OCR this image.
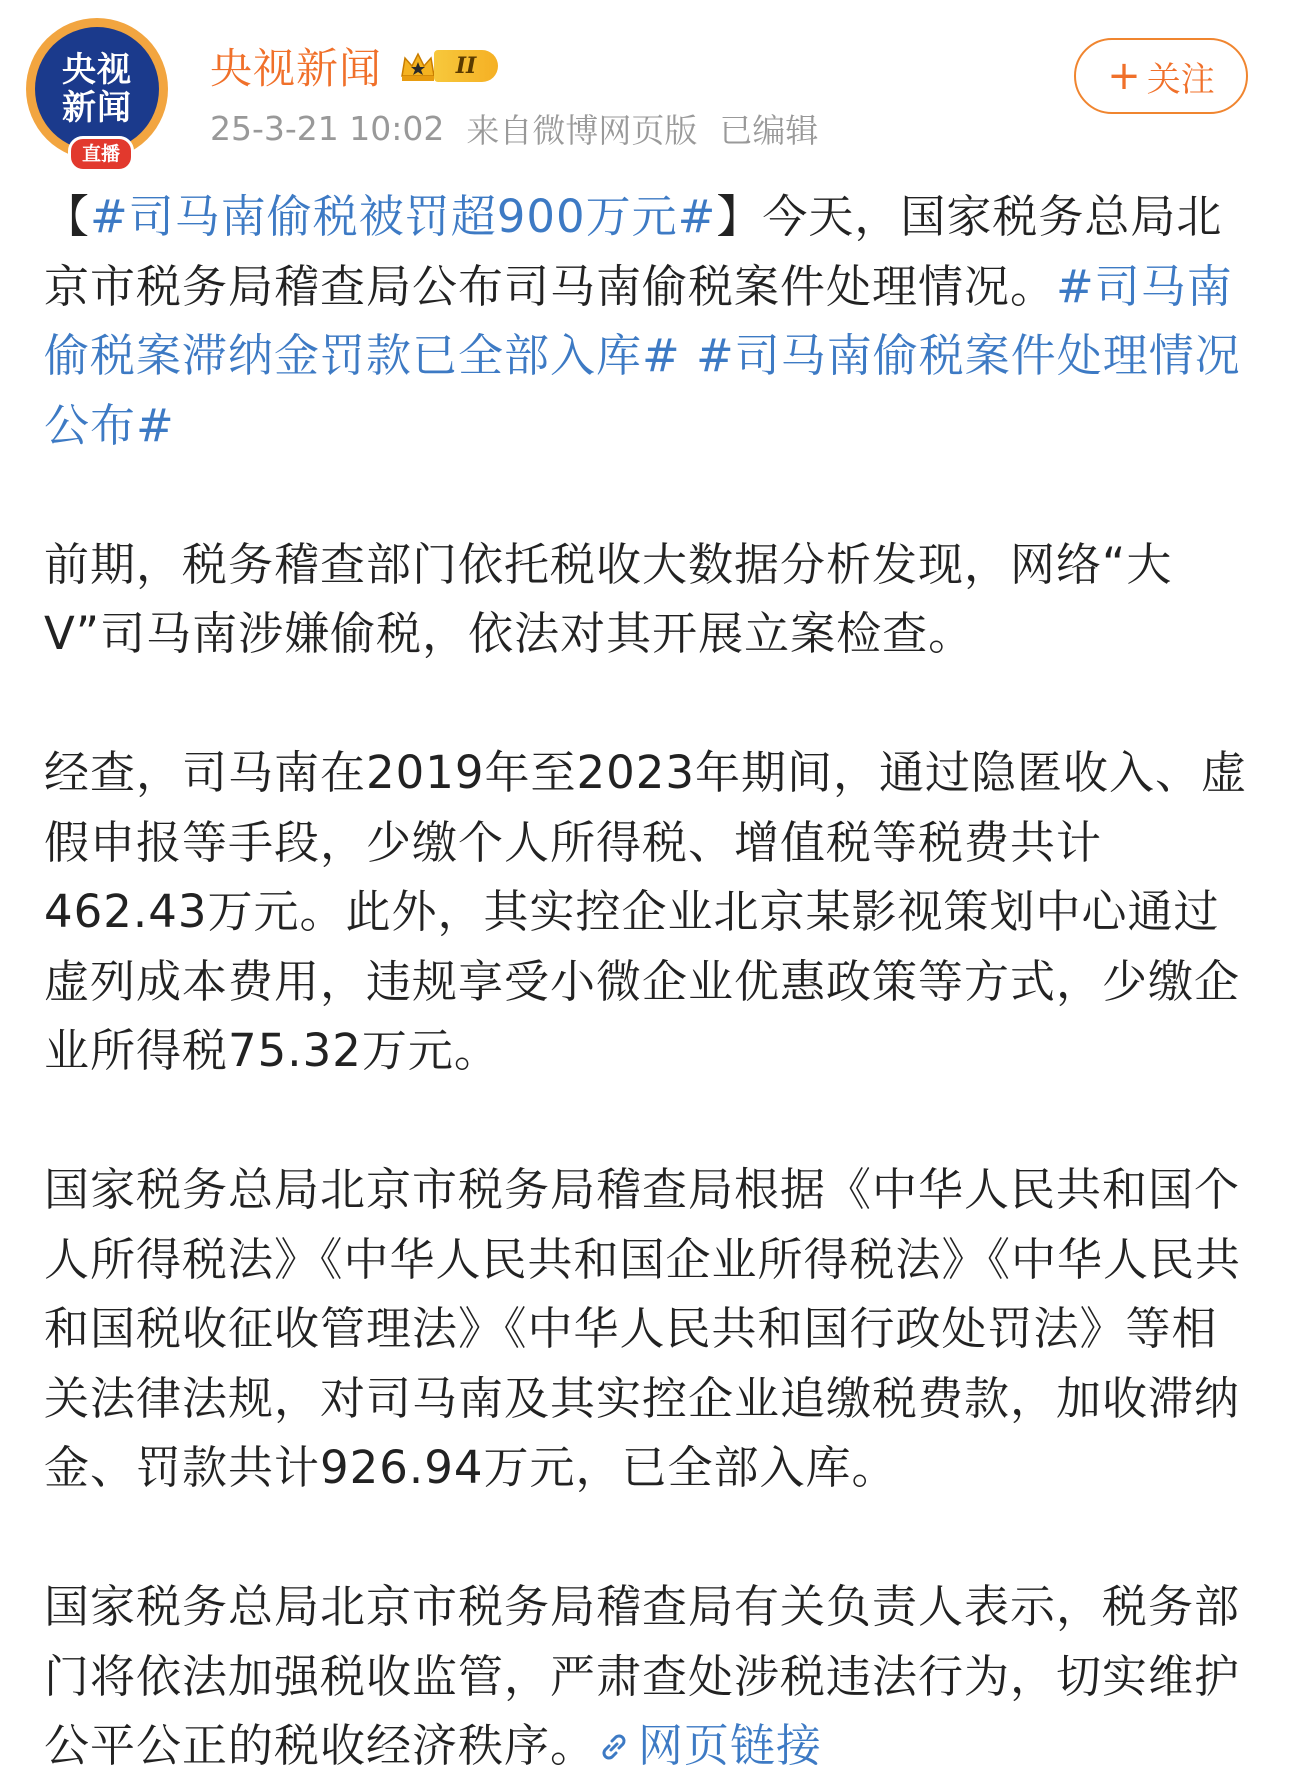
央视
新闻
直播
央视新闻	II
25-3-21 10:02 来自微博网页版 已编辑
+ 关注

【#司马南偷税被罚超900万元#】今天，国家税务总局北京市税务局稽查局公布司马南偷税案件处理情况。#司马南偷税案滞纳金罚款已全部入库# #司马南偷税案件处理情况公布#

前期，税务稽查部门依托税收大数据分析发现，网络“大V”司马南涉嫌偷税，依法对其开展立案检查。

经查，司马南在2019年至2023年期间，通过隐匿收入、虚假申报等手段，少缴个人所得税、增值税等税费共计462.43万元。此外，其实控企业北京某影视策划中心通过虚列成本费用，违规享受小微企业优惠政策等方式，少缴企业所得税75.32万元。

国家税务总局北京市税务局稽查局根据《中华人民共和国个人所得税法》《中华人民共和国企业所得税法》《中华人民共和国税收征收管理法》《中华人民共和国行政处罚法》等相关法律法规，对司马南及其实控企业追缴税费款，加收滞纳金、罚款共计926.94万元，已全部入库。

国家税务总局北京市税务局稽查局有关负责人表示，税务部门将依法加强税收监管，严肃查处涉税违法行为，切实维护公平公正的税收经济秩序。 网页链接
